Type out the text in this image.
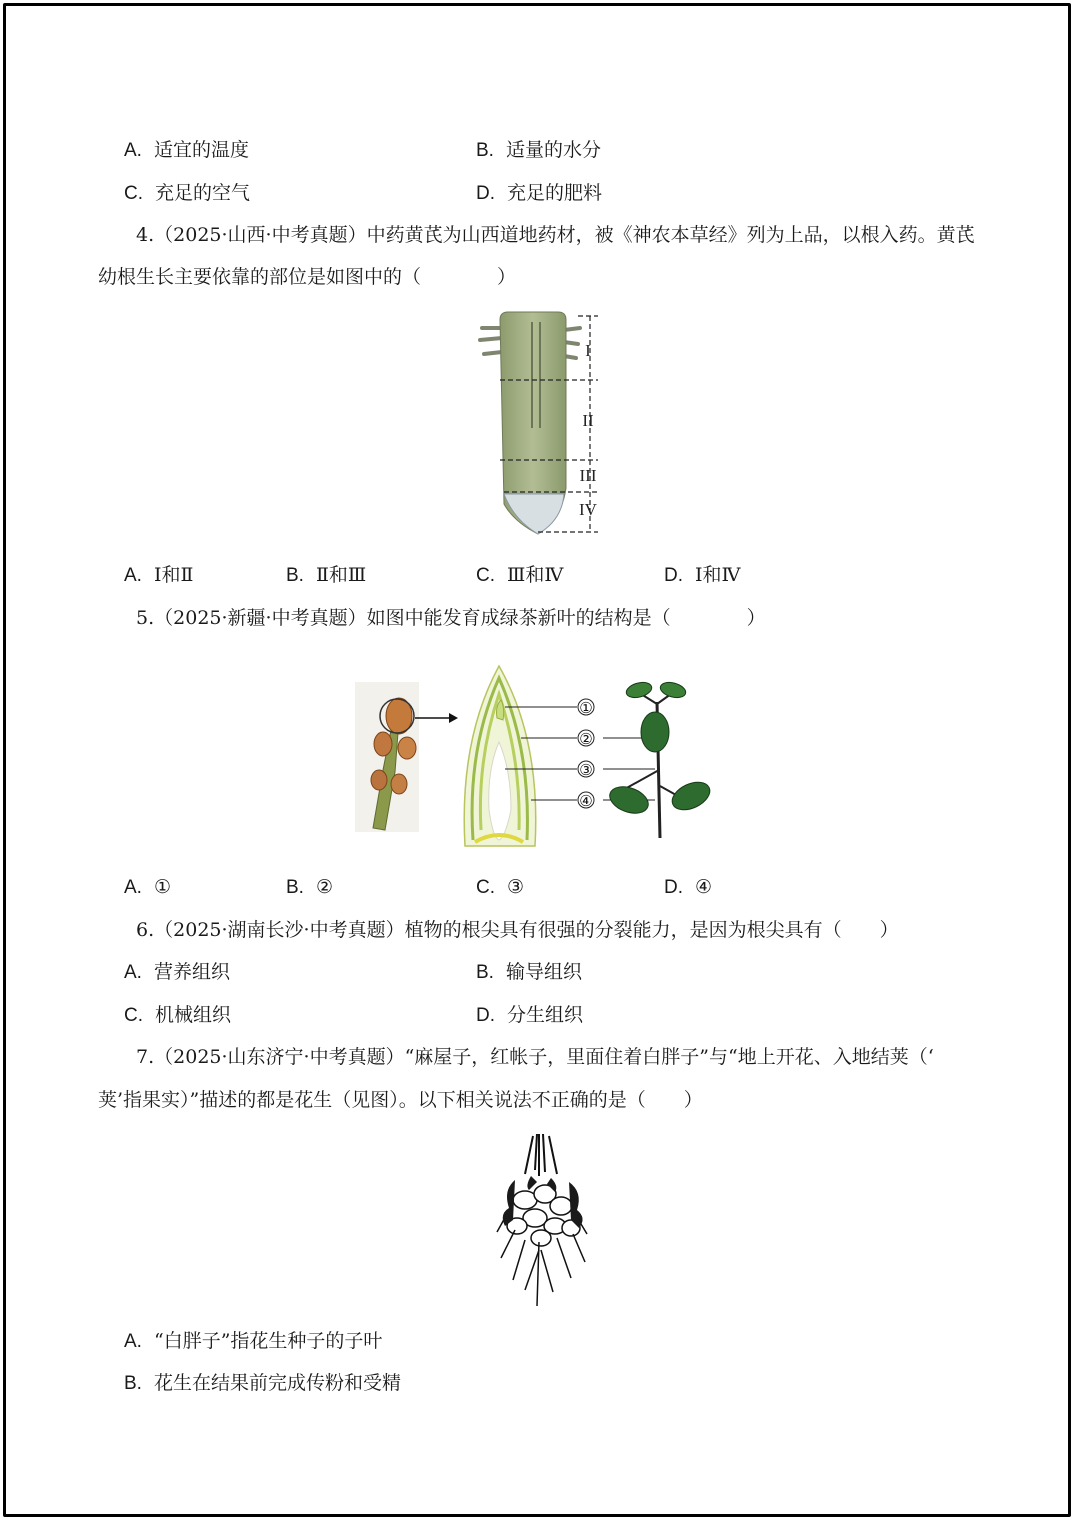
A. 适宜的温度	B. 适量的水分
C. 充足的空气	D. 充足的肥料
4.（2025·山西·中考真题）中药黄芪为山西道地药材，被《神农本草经》列为上品，以根入药。黄芪
幼根生长主要依靠的部位是如图中的（　　　　）
I
II
III
IV
A. Ⅰ和Ⅱ	B. Ⅱ和Ⅲ	C. Ⅲ和Ⅳ	D. Ⅰ和Ⅳ
5.（2025·新疆·中考真题）如图中能发育成绿茶新叶的结构是（　　　　）
①
②
③
④
A. ①	B. ②	C. ③	D. ④
6.（2025·湖南长沙·中考真题）植物的根尖具有很强的分裂能力，是因为根尖具有（　　）
A. 营养组织	B. 输导组织
C. 机械组织	D. 分生组织
7.（2025·山东济宁·中考真题）“麻屋子，红帐子，里面住着白胖子”与“地上开花、入地结荚（‘
荚’指果实）”描述的都是花生（见图）。以下相关说法不正确的是（　　）
A. “白胖子”指花生种子的子叶
B. 花生在结果前完成传粉和受精
